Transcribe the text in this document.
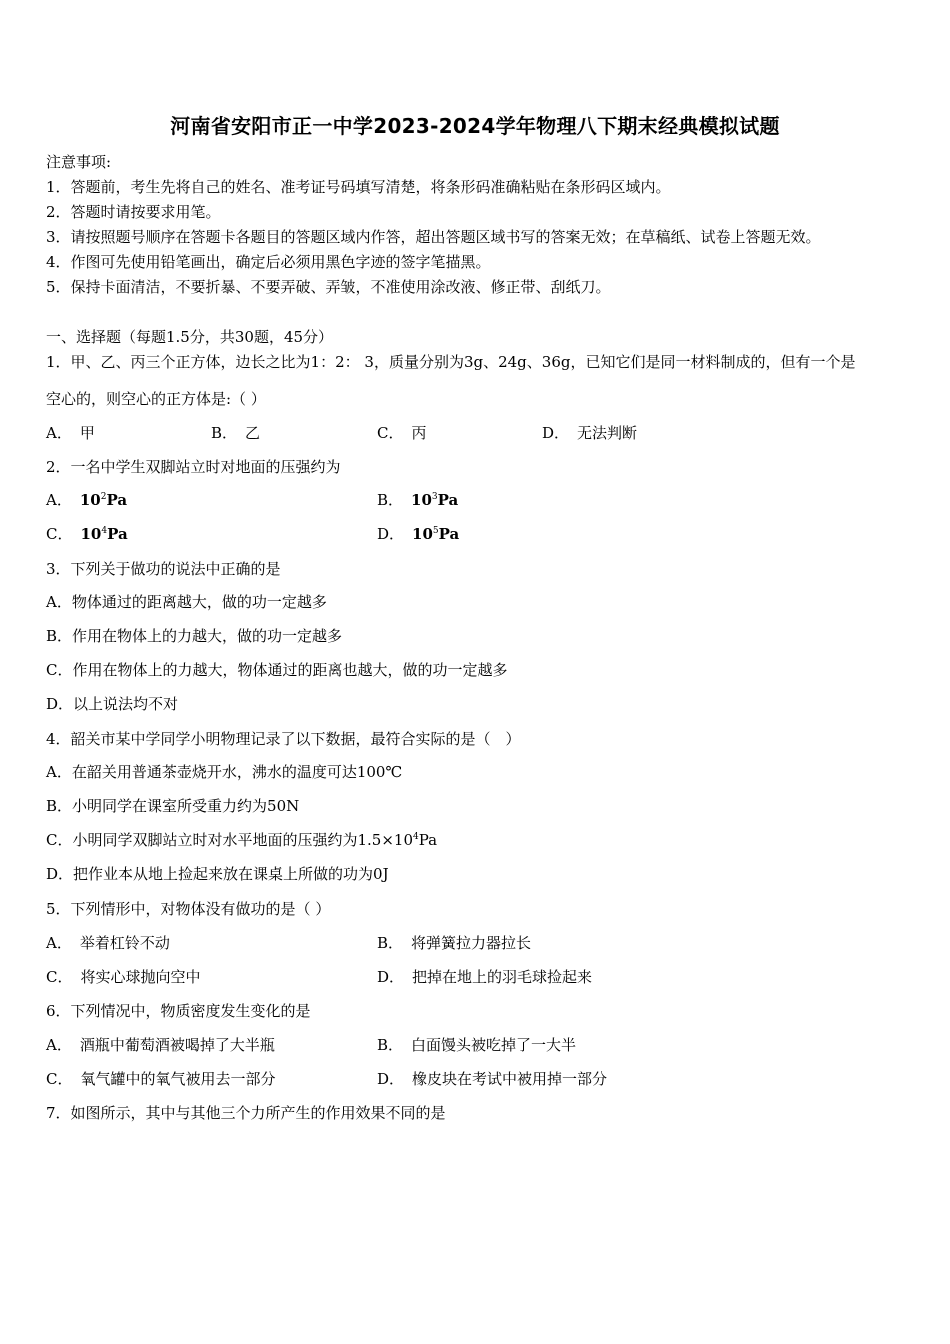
河南省安阳市正一中学2023-2024学年物理八下期末经典模拟试题
注意事项:
1．答题前，考生先将自己的姓名、准考证号码填写清楚，将条形码准确粘贴在条形码区域内。
2．答题时请按要求用笔。
3．请按照题号顺序在答题卡各题目的答题区域内作答，超出答题区域书写的答案无效；在草稿纸、试卷上答题无效。
4．作图可先使用铅笔画出，确定后必须用黑色字迹的签字笔描黑。
5．保持卡面清洁，不要折暴、不要弄破、弄皱，不准使用涂改液、修正带、刮纸刀。
一、选择题（每题1.5分，共30题，45分）
1．甲、乙、丙三个正方体，边长之比为1：2： 3，质量分别为3g、24g、36g，已知它们是同一材料制成的，但有一个是
空心的，则空心的正方体是:（ ）
A． 甲	B． 乙	C． 丙	D． 无法判断
2．一名中学生双脚站立时对地面的压强约为
A． $10^2Pa$	B． $10^3Pa$
C． $10^4Pa$	D． $10^5Pa$
3．下列关于做功的说法中正确的是
A．物体通过的距离越大，做的功一定越多
B．作用在物体上的力越大，做的功一定越多
C．作用在物体上的力越大，物体通过的距离也越大，做的功一定越多
D．以上说法均不对
4．韶关市某中学同学小明物理记录了以下数据，最符合实际的是（　）
A．在韶关用普通茶壶烧开水，沸水的温度可达100℃
B．小明同学在课室所受重力约为50N
C．小明同学双脚站立时对水平地面的压强约为$1.5\times 10^4Pa$
D．把作业本从地上捡起来放在课桌上所做的功为0J
5．下列情形中，对物体没有做功的是（ ）
A． 举着杠铃不动	B． 将弹簧拉力器拉长
C． 将实心球抛向空中	D． 把掉在地上的羽毛球捡起来
6．下列情况中，物质密度发生变化的是
A． 酒瓶中葡萄酒被喝掉了大半瓶	B． 白面馒头被吃掉了一大半
C． 氧气罐中的氧气被用去一部分	D． 橡皮块在考试中被用掉一部分
7．如图所示，其中与其他三个力所产生的作用效果不同的是
